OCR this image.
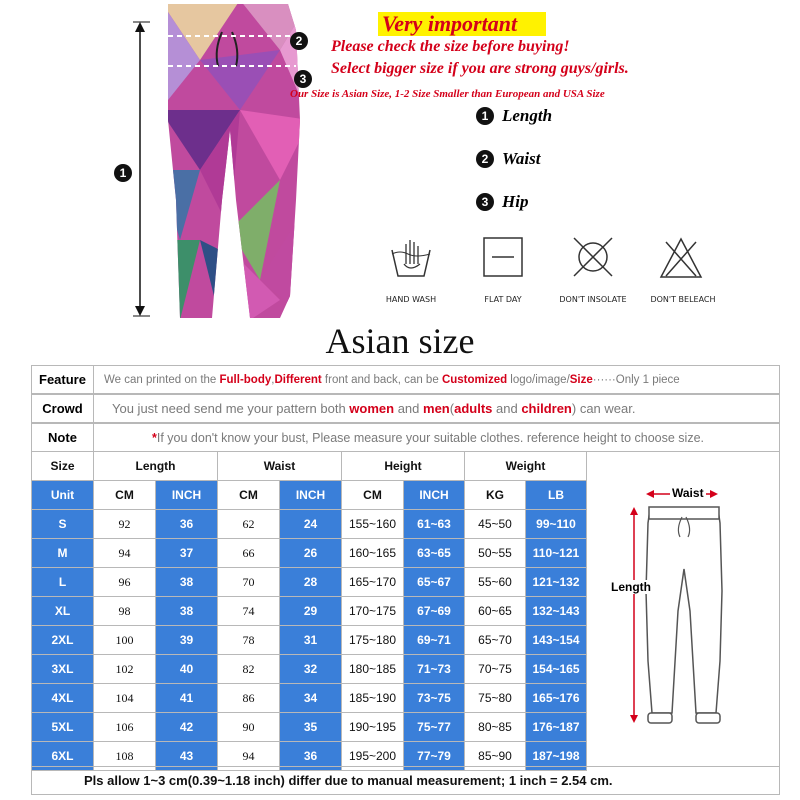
1
2
3
Very important
Please check the size before buying!
Select bigger size if you are strong guys/girls.
Our Size is Asian Size, 1-2 Size Smaller than European and USA Size
1 Length
2 Waist
3 Hip
HAND WASH	FLAT DAY	DON'T INSOLATE	DON'T BELEACH
Asian size
Feature	We can printed on the Full-body,Different front and back, can be Customized logo/image/Size······Only 1 piece
Crowd	You just need send me your pattern both women and men(adults and children) can wear.
Note	*If you don't know your bust, Please measure your suitable clothes. reference height to choose size.
Size	Length		Waist		Height		Weight	
Unit	CM	INCH	CM	INCH	CM	INCH	KG	LB
S	92	36	62	24	155~160	61~63	45~50	99~110
M	94	37	66	26	160~165	63~65	50~55	110~121
L	96	38	70	28	165~170	65~67	55~60	121~132
XL	98	38	74	29	170~175	67~69	60~65	132~143
2XL	100	39	78	31	175~180	69~71	65~70	143~154
3XL	102	40	82	32	180~185	71~73	70~75	154~165
4XL	104	41	86	34	185~190	73~75	75~80	165~176
5XL	106	42	90	35	190~195	75~77	80~85	176~187
6XL	108	43	94	36	195~200	77~79	85~90	187~198
Waist
Length
Pls allow 1~3 cm(0.39~1.18 inch) differ due to manual measurement; 1 inch = 2.54 cm.
